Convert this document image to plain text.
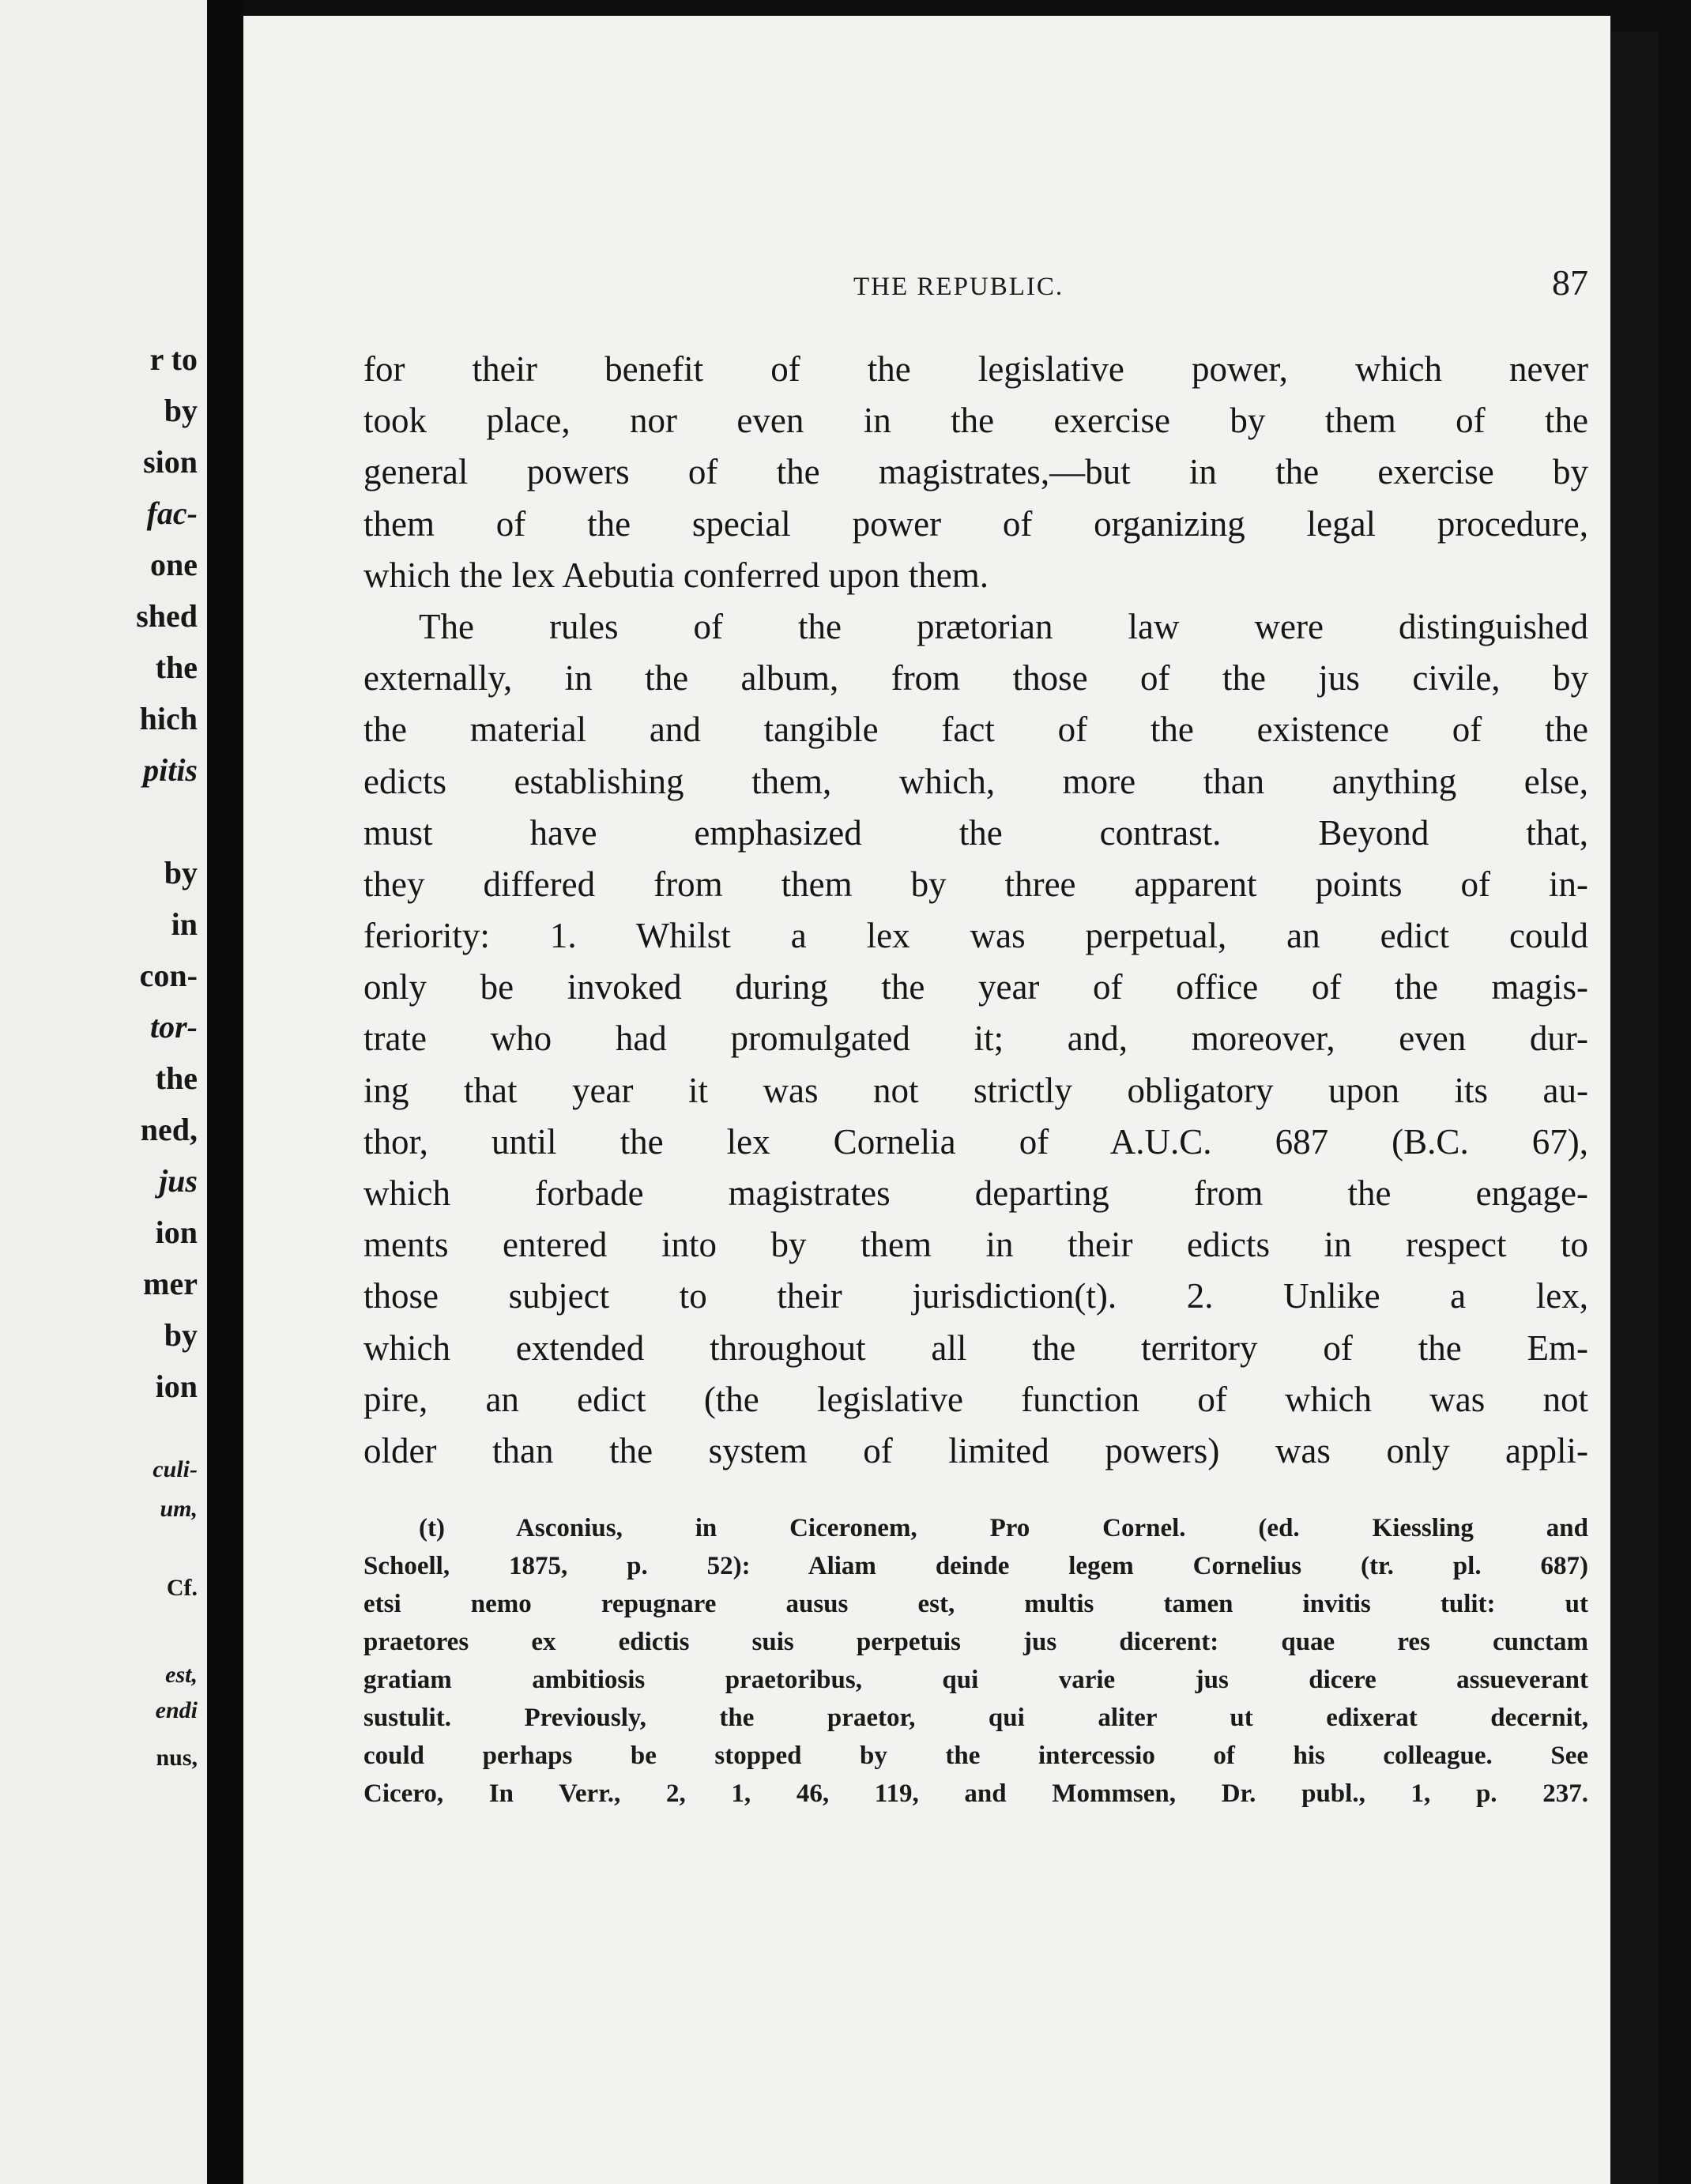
r to
by
sion
fac-
one
shed
the
hich
pitis
by
in
con-
tor-
the
ned,
jus
ion
mer
by
ion
culi-
um,
Cf.
est,
endi
nus,
THE REPUBLIC.	87
for their benefit of the legislative power, which never
took place, nor even in the exercise by them of the
general powers of the magistrates,—but in the exercise by
them of the special power of organizing legal procedure,
which the lex Aebutia conferred upon them.
The rules of the prætorian law were distinguished
externally, in the album, from those of the jus civile, by
the material and tangible fact of the existence of the
edicts establishing them, which, more than anything else,
must have emphasized the contrast. Beyond that,
they differed from them by three apparent points of in-
feriority: 1. Whilst a lex was perpetual, an edict could
only be invoked during the year of office of the magis-
trate who had promulgated it; and, moreover, even dur-
ing that year it was not strictly obligatory upon its au-
thor, until the lex Cornelia of A.U.C. 687 (B.C. 67),
which forbade magistrates departing from the engage-
ments entered into by them in their edicts in respect to
those subject to their jurisdiction(t). 2. Unlike a lex,
which extended throughout all the territory of the Em-
pire, an edict (the legislative function of which was not
older than the system of limited powers) was only appli-
(t) Asconius, in Ciceronem, Pro Cornel. (ed. Kiessling and
Schoell, 1875, p. 52): Aliam deinde legem Cornelius (tr. pl. 687)
etsi nemo repugnare ausus est, multis tamen invitis tulit: ut
praetores ex edictis suis perpetuis jus dicerent: quae res cunctam
gratiam ambitiosis praetoribus, qui varie jus dicere assueverant
sustulit. Previously, the praetor, qui aliter ut edixerat decernit,
could perhaps be stopped by the intercessio of his colleague. See
Cicero, In Verr., 2, 1, 46, 119, and Mommsen, Dr. publ., 1, p. 237.
